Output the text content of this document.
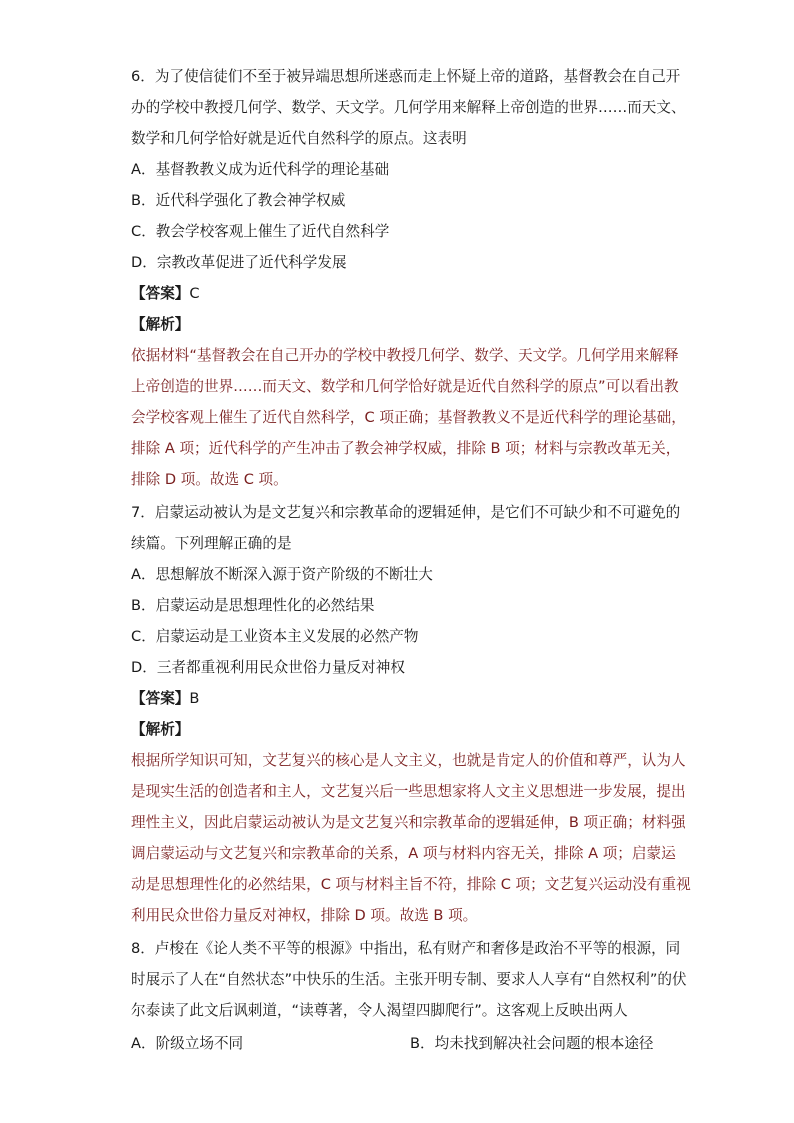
6．为了使信徒们不至于被异端思想所迷惑而走上怀疑上帝的道路，基督教会在自己开
办的学校中教授几何学、数学、天文学。几何学用来解释上帝创造的世界……而天文、
数学和几何学恰好就是近代自然科学的原点。这表明
A．基督教教义成为近代科学的理论基础
B．近代科学强化了教会神学权威
C．教会学校客观上催生了近代自然科学
D．宗教改革促进了近代科学发展
【答案】C
【解析】
依据材料“基督教会在自己开办的学校中教授几何学、数学、天文学。几何学用来解释
上帝创造的世界……而天文、数学和几何学恰好就是近代自然科学的原点”可以看出教
会学校客观上催生了近代自然科学，C 项正确；基督教教义不是近代科学的理论基础，
排除 A 项；近代科学的产生冲击了教会神学权威，排除 B 项；材料与宗教改革无关，
排除 D 项。故选 C 项。
7．启蒙运动被认为是文艺复兴和宗教革命的逻辑延伸，是它们不可缺少和不可避免的
续篇。下列理解正确的是
A．思想解放不断深入源于资产阶级的不断壮大
B．启蒙运动是思想理性化的必然结果
C．启蒙运动是工业资本主义发展的必然产物
D．三者都重视利用民众世俗力量反对神权
【答案】B
【解析】
根据所学知识可知，文艺复兴的核心是人文主义，也就是肯定人的价值和尊严，认为人
是现实生活的创造者和主人，文艺复兴后一些思想家将人文主义思想进一步发展，提出
理性主义，因此启蒙运动被认为是文艺复兴和宗教革命的逻辑延伸，B 项正确；材料强
调启蒙运动与文艺复兴和宗教革命的关系，A 项与材料内容无关，排除 A 项；启蒙运
动是思想理性化的必然结果，C 项与材料主旨不符，排除 C 项；文艺复兴运动没有重视
利用民众世俗力量反对神权，排除 D 项。故选 B 项。
8．卢梭在《论人类不平等的根源》中指出，私有财产和奢侈是政治不平等的根源，同
时展示了人在“自然状态”中快乐的生活。主张开明专制、要求人人享有“自然权利”的伏
尔泰读了此文后讽刺道，“读尊著，令人渴望四脚爬行”。这客观上反映出两人
A．阶级立场不同	B．均未找到解决社会问题的根本途径
